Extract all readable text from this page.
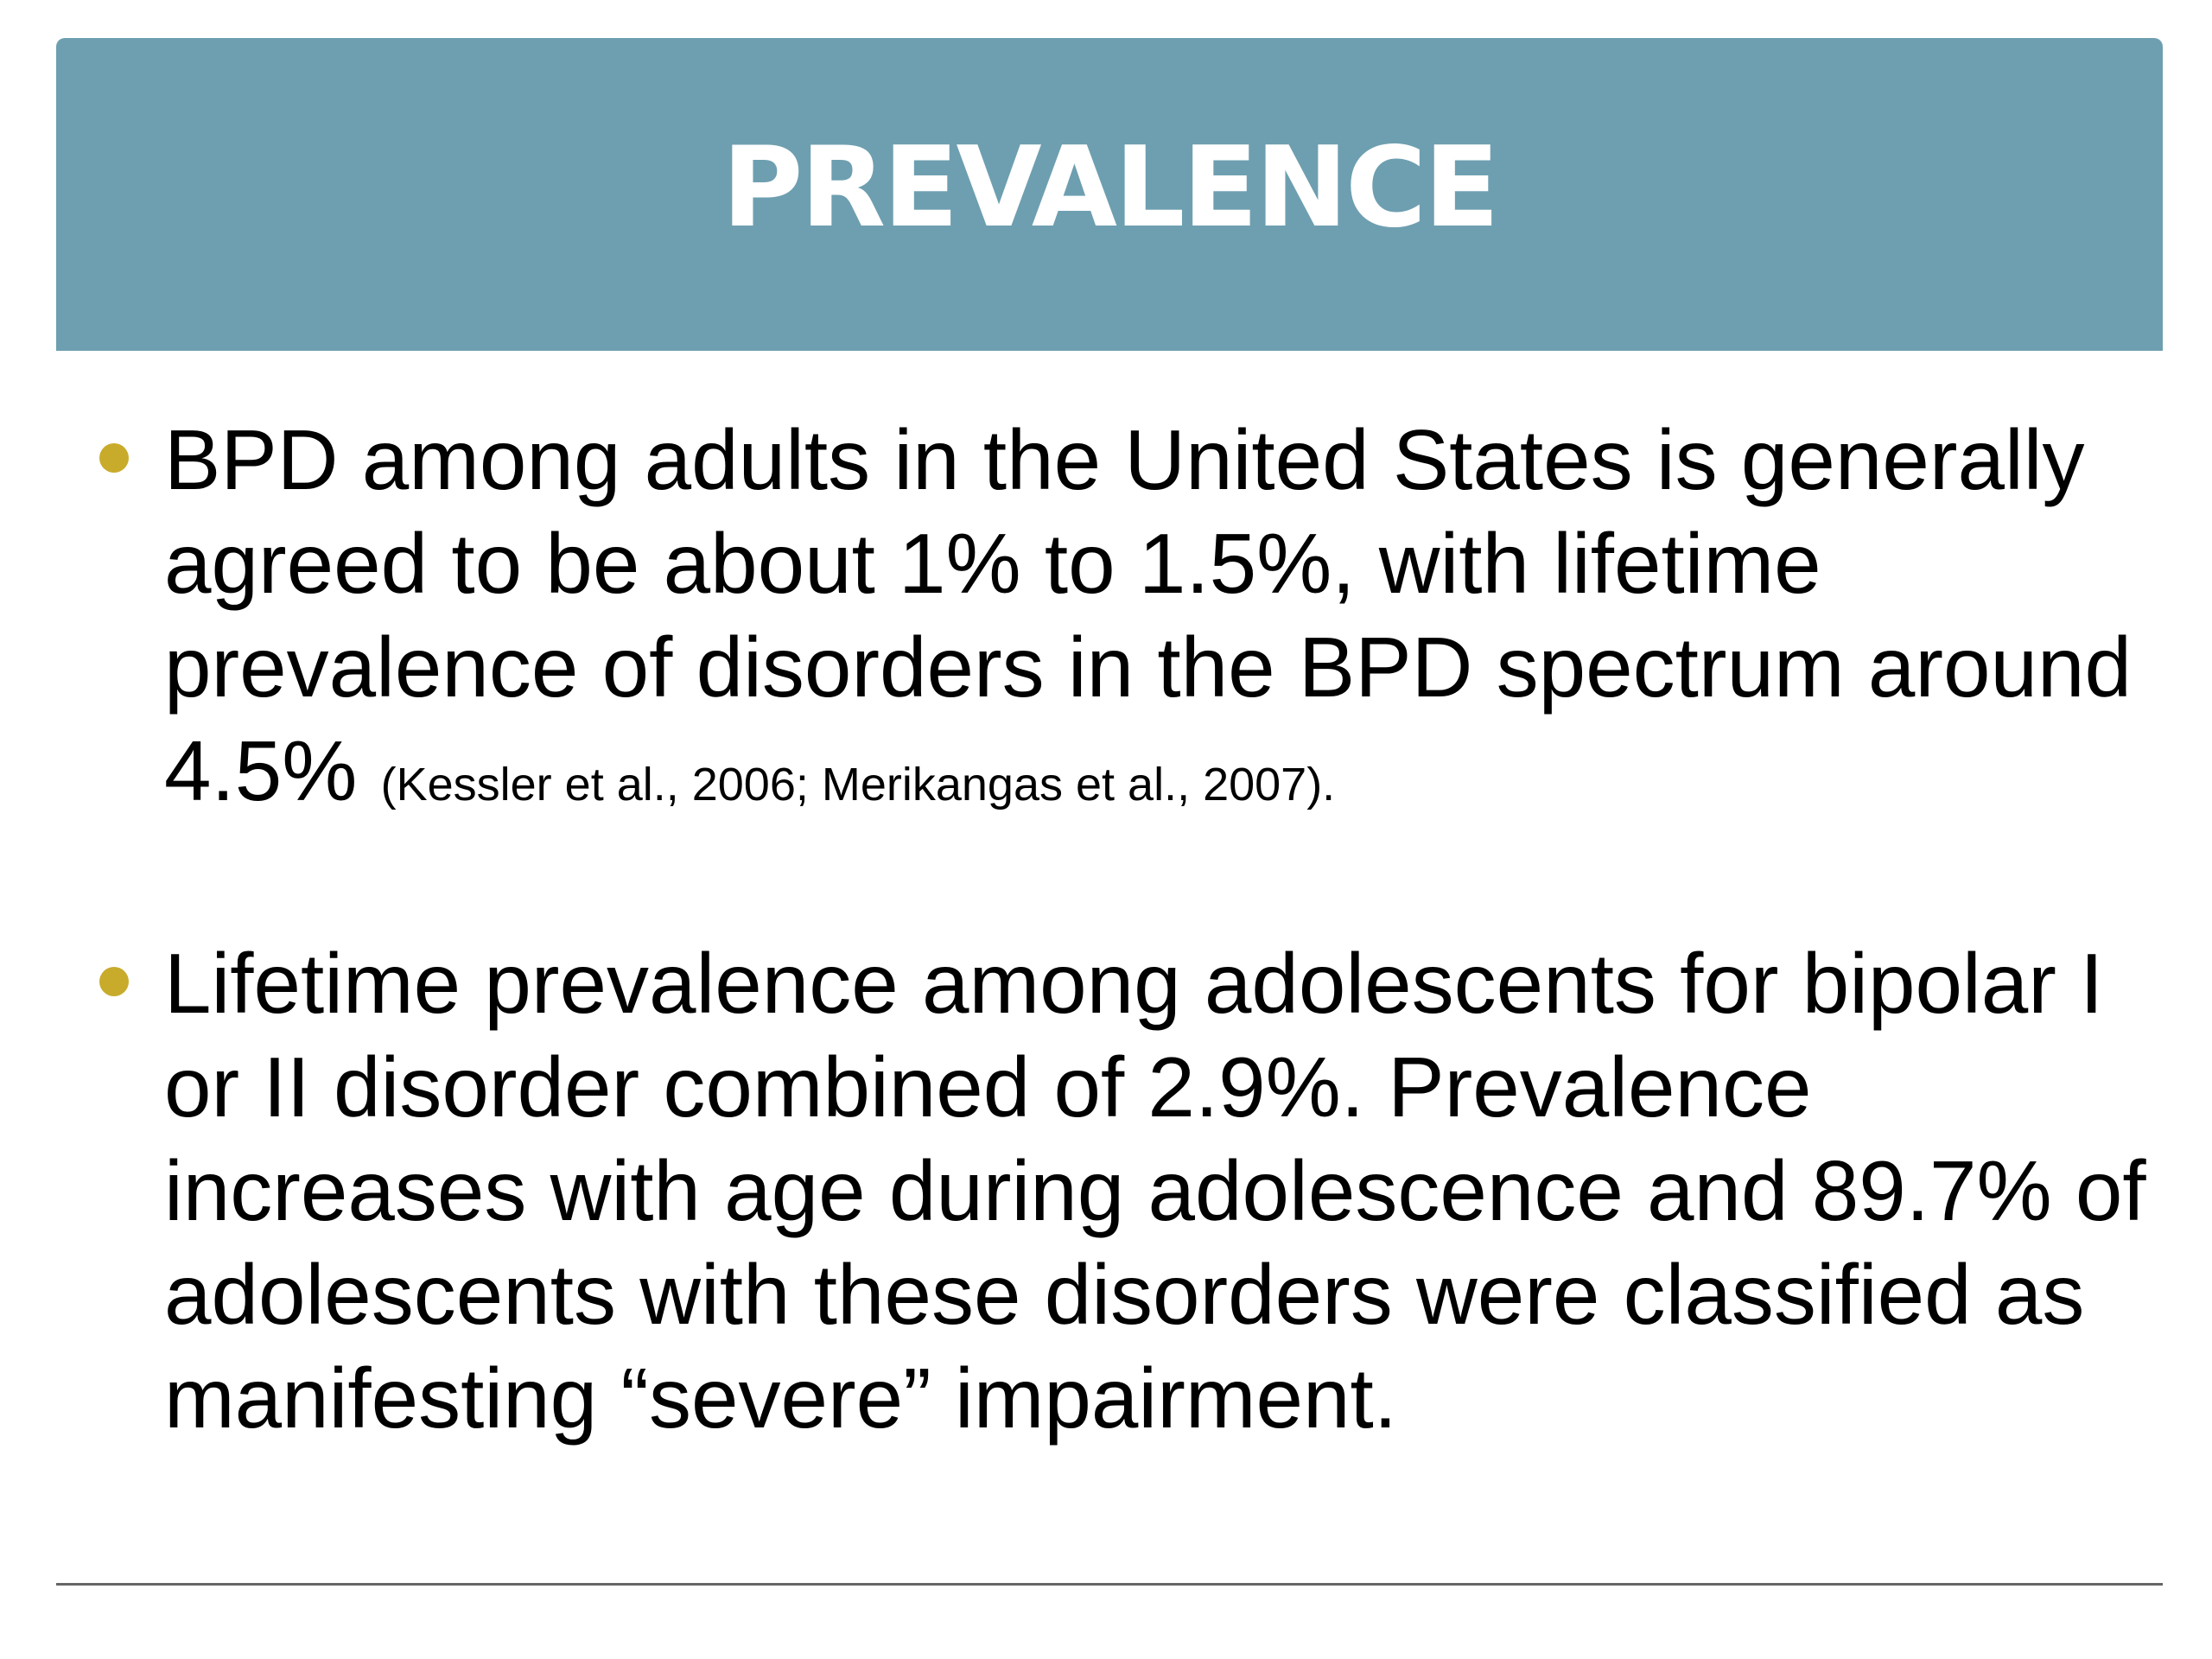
PREVALENCE
BPD among adults in the United States is generally agreed to be about 1% to 1.5%, with lifetime prevalence of disorders in the BPD spectrum around 4.5% (Kessler et al., 2006; Merikangas et al., 2007).
Lifetime prevalence among adolescents for bipolar I or II disorder combined of 2.9%. Prevalence increases with age during adolescence and 89.7% of adolescents with these disorders were classified as manifesting “severe” impairment.
